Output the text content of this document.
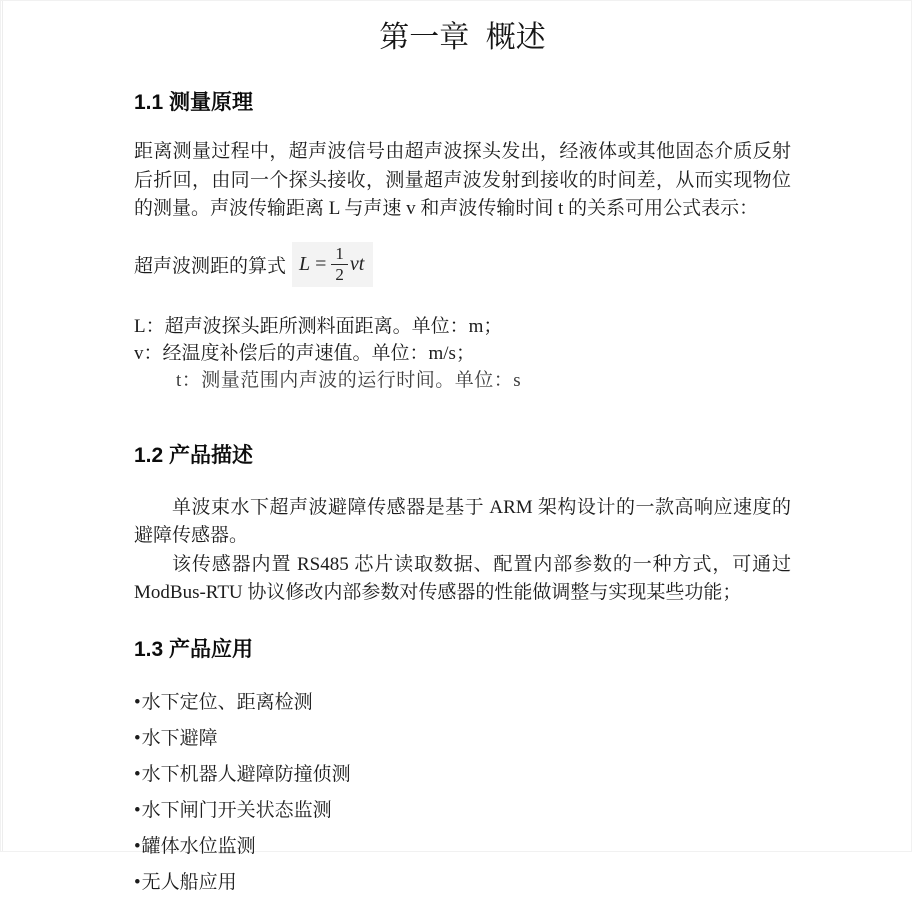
第一章 概述
1.1 测量原理

距离测量过程中，超声波信号由超声波探头发出，经液体或其他固态介质反射后折回，由同一个探头接收，测量超声波发射到接收的时间差，从而实现物位的测量。声波传输距离 L 与声速 v 和声波传输时间 t 的关系可用公式表示：

超声波测距的算式 $L = \frac{1}{2}$ vt
L：超声波探头距所测料面距离。单位：m；
v：经温度补偿后的声速值。单位：m/s；
t：测量范围内声波的运行时间。单位：s
1.2 产品描述

单波束水下超声波避障传感器是基于 ARM 架构设计的一款高响应速度的避障传感器。

该传感器内置 RS485 芯片读取数据、配置内部参数的一种方式，可通过 ModBus-RTU 协议修改内部参数对传感器的性能做调整与实现某些功能；

1.3 产品应用
•水下定位、距离检测
•水下避障
•水下机器人避障防撞侦测
•水下闸门开关状态监测
•罐体水位监测
•无人船应用
